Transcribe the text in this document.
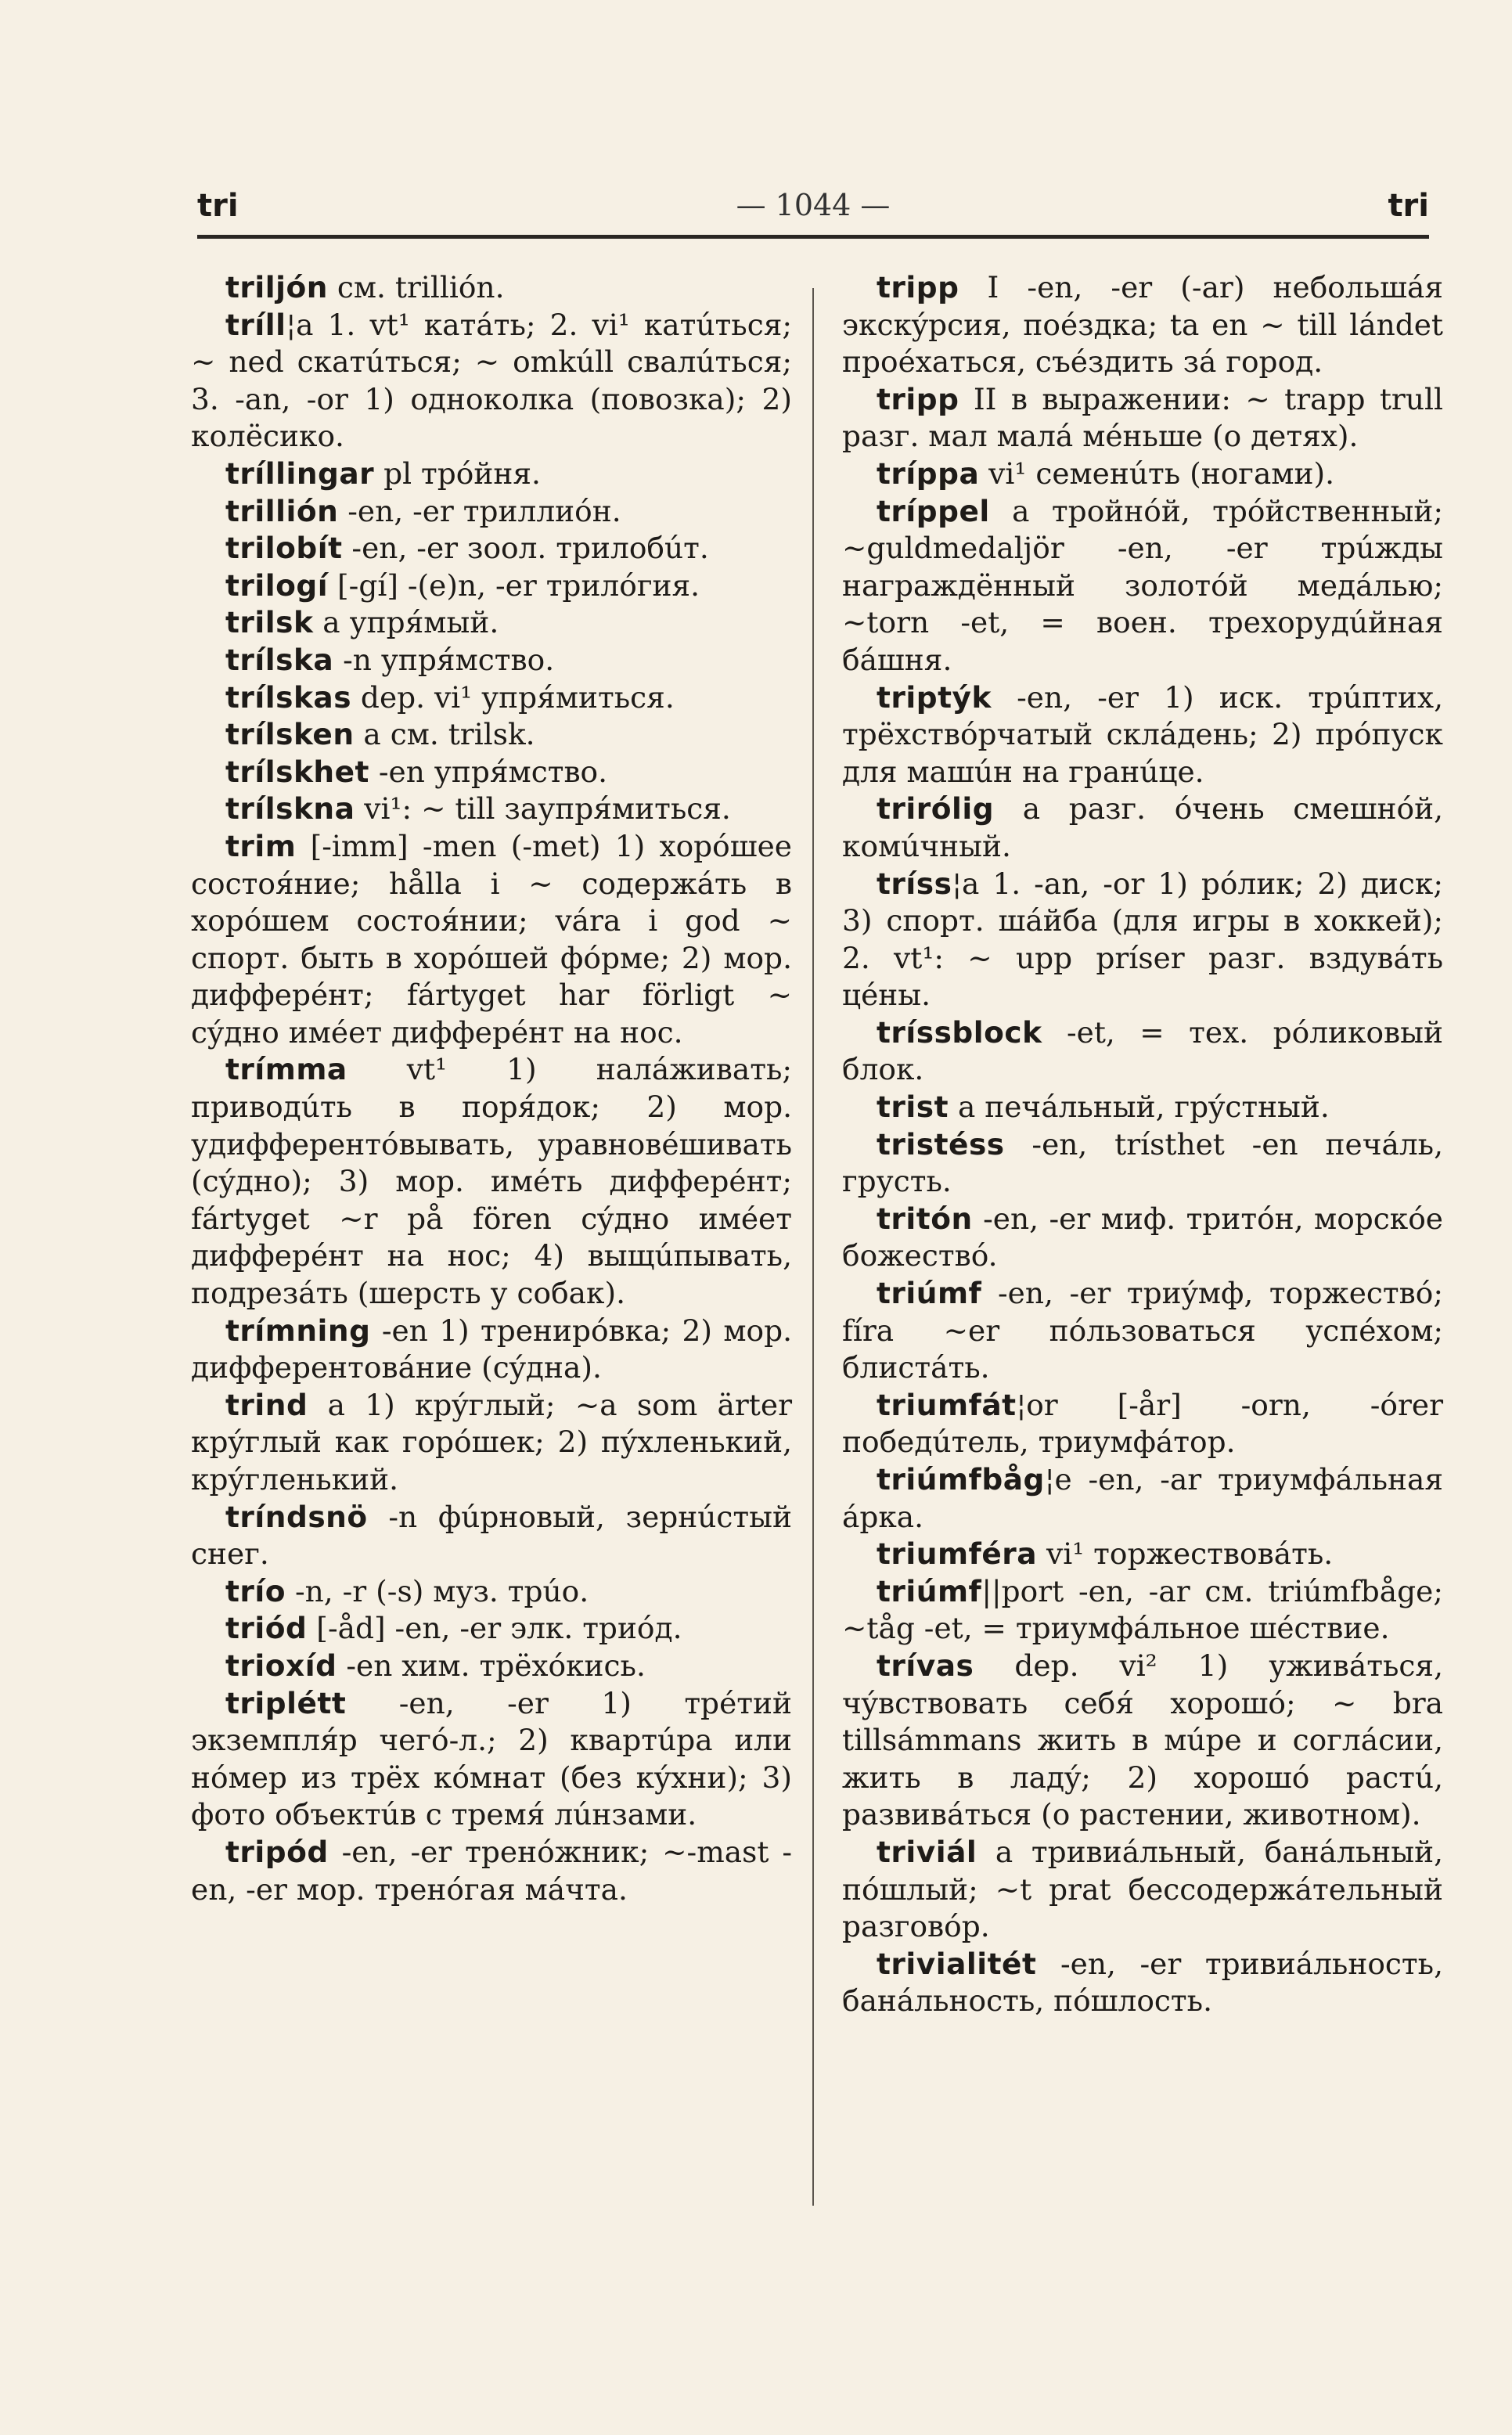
tri	— 1044 —	tri

triljón см. trillión.

tríll¦a 1. vt¹ катáть; 2. vi¹ катúться; ~ ned скатúться; ~ omkúll свалúться; 3. -an, -or 1) одноколка (повозка); 2) колёсико.

tríllingar pl трóйня.

trillión -en, -er триллиóн.

trilobít -en, -er зоол. трилобúт.

trilogí [-gí] -(e)n, -er трилóгия.

trilsk a упря́мый.

trílska -n упря́мство.

trílskas dep. vi¹ упря́миться.

trílsken a см. trilsk.

trílskhet -en упря́мство.

trílskna vi¹: ~ till заупря́миться.

trim [-imm] -men (-met) 1) хорóшее состоя́ние; hålla i ~ содержáть в хорóшем состоя́нии; vára i god ~ спорт. быть в хорóшей фóрме; 2) мор. дифферéнт; fártyget har förligt ~ сýдно имéет дифферéнт на нос.

trímma vt¹ 1) налáживать; приводúть в поря́док; 2) мор. удифферентóвывать, уравновéшивать (сýдно); 3) мор. имéть дифферéнт; fártyget ~r på fören сýдно имéет дифферéнт на нос; 4) выщúпывать, подрезáть (шерсть у собак).

trímning -en 1) тренирóвка; 2) мор. дифферентовáние (сýдна).

trind a 1) крýглый; ~a som ärter крýглый как горóшек; 2) пýхленький, крýгленький.

tríndsnö -n фúрновый, зернúстый снег.

trío -n, -r (-s) муз. трúо.

triód [-åd] -en, -er элк. триóд.

trioxíd -en хим. трёхóкись.

triplétt -en, -er 1) трéтий экземпля́р чегó-л.; 2) квартúра или нóмер из трёх кóмнат (без кýхни); 3) фото объектúв с тремя́ лúнзами.

tripód -en, -er тренóжник; ~-mast -en, -er мор. тренóгая мáчта.

tripp I -en, -er (-ar) небольшáя экскýрсия, поéздка; ta en ~ till lándet проéхаться, съéздить зá город.

tripp II в выражении: ~ trapp trull разг. мал малá мéньше (о детях).

trípра vi¹ семенúть (ногами).

tríppel a тройнóй, трóйственный; ~guldmedaljör -en, -er трúжды награждённый золотóй медáлью; ~torn -et, = воен. трехорудúйная бáшня.

triptýk -en, -er 1) иск. трúптих, трёхствóрчатый склáдень; 2) прóпуск для машúн на гранúце.

trirólig a разг. óчень смешнóй, комúчный.

tríss¦a 1. -an, -or 1) рóлик; 2) диск; 3) спорт. шáйба (для игры в хоккей); 2. vt¹: ~ upp príser разг. вздувáть цéны.

tríssblock -et, = тех. рóликовый блок.

trist a печáльный, грýстный.

tristéss -en, trísthet -en печáль, грусть.

tritón -en, -er миф. тритóн, морскóе божествó.

triúmf -en, -er триýмф, торжествó; fíra ~er пóльзоваться успéхом; блистáть.

triumfát¦or [-år] -orn, -órer победúтель, триумфáтор.

triúmfbåg¦e -en, -ar триумфáльная áрка.

triumféra vi¹ торжествовáть.

triúmf||port -en, -ar см. triúmfbåge; ~tåg -et, = триумфáльное шéствие.

trívas dep. vi² 1) уживáться, чýвствовать себя́ хорошó; ~ bra tillsámmans жить в мúре и соглáсии, жить в ладý; 2) хорошó растú, развивáться (о растении, животном).

triviál a тривиáльный, банáльный, пóшлый; ~t prat бессодержáтельный разговóр.

trivialitét -en, -er тривиáльность, банáльность, пóшлость.
